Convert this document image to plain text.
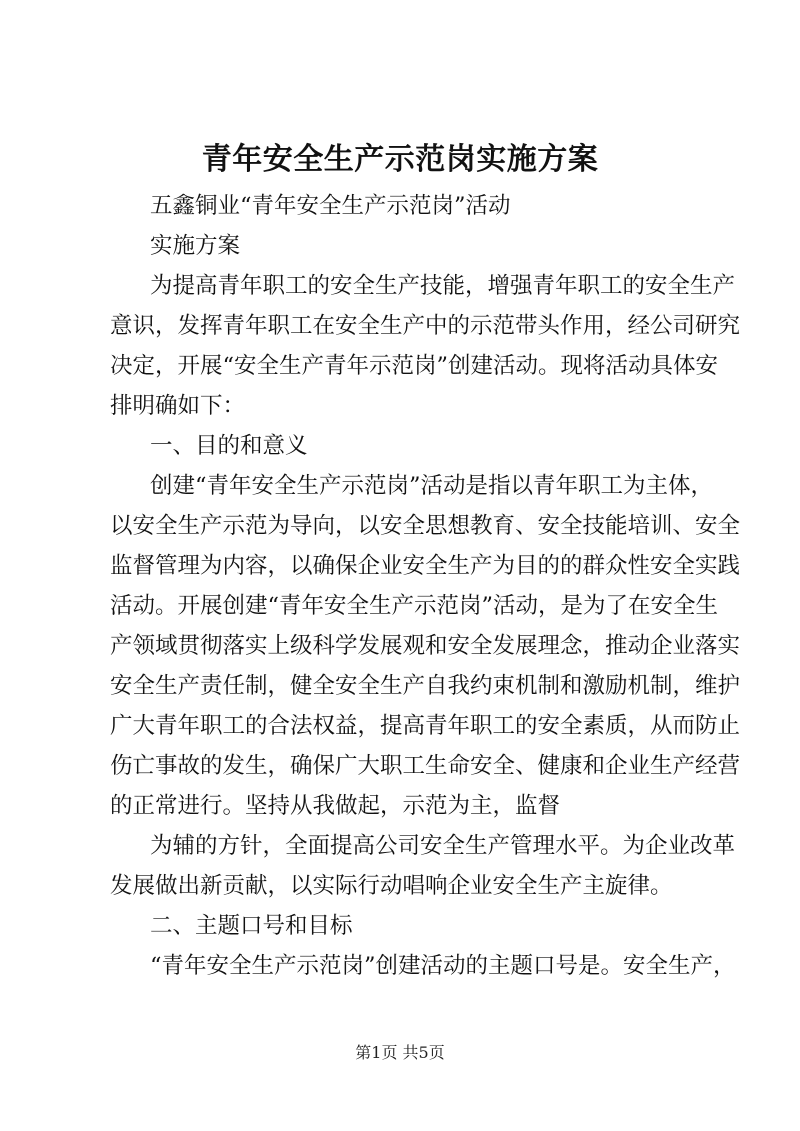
青年安全生产示范岗实施方案

五鑫铜业“青年安全生产示范岗”活动

实施方案

为提高青年职工的安全生产技能，增强青年职工的安全生产
意识，发挥青年职工在安全生产中的示范带头作用，经公司研究
决定，开展“安全生产青年示范岗”创建活动。现将活动具体安
排明确如下：

一、目的和意义

创建“青年安全生产示范岗”活动是指以青年职工为主体，
以安全生产示范为导向，以安全思想教育、安全技能培训、安全
监督管理为内容，以确保企业安全生产为目的的群众性安全实践
活动。开展创建“青年安全生产示范岗”活动，是为了在安全生
产领域贯彻落实上级科学发展观和安全发展理念，推动企业落实
安全生产责任制，健全安全生产自我约束机制和激励机制，维护
广大青年职工的合法权益，提高青年职工的安全素质，从而防止
伤亡事故的发生，确保广大职工生命安全、健康和企业生产经营
的正常进行。坚持从我做起，示范为主，监督

为辅的方针，全面提高公司安全生产管理水平。为企业改革
发展做出新贡献，以实际行动唱响企业安全生产主旋律。

二、主题口号和目标

“青年安全生产示范岗”创建活动的主题口号是。安全生产，

第1页 共5页
